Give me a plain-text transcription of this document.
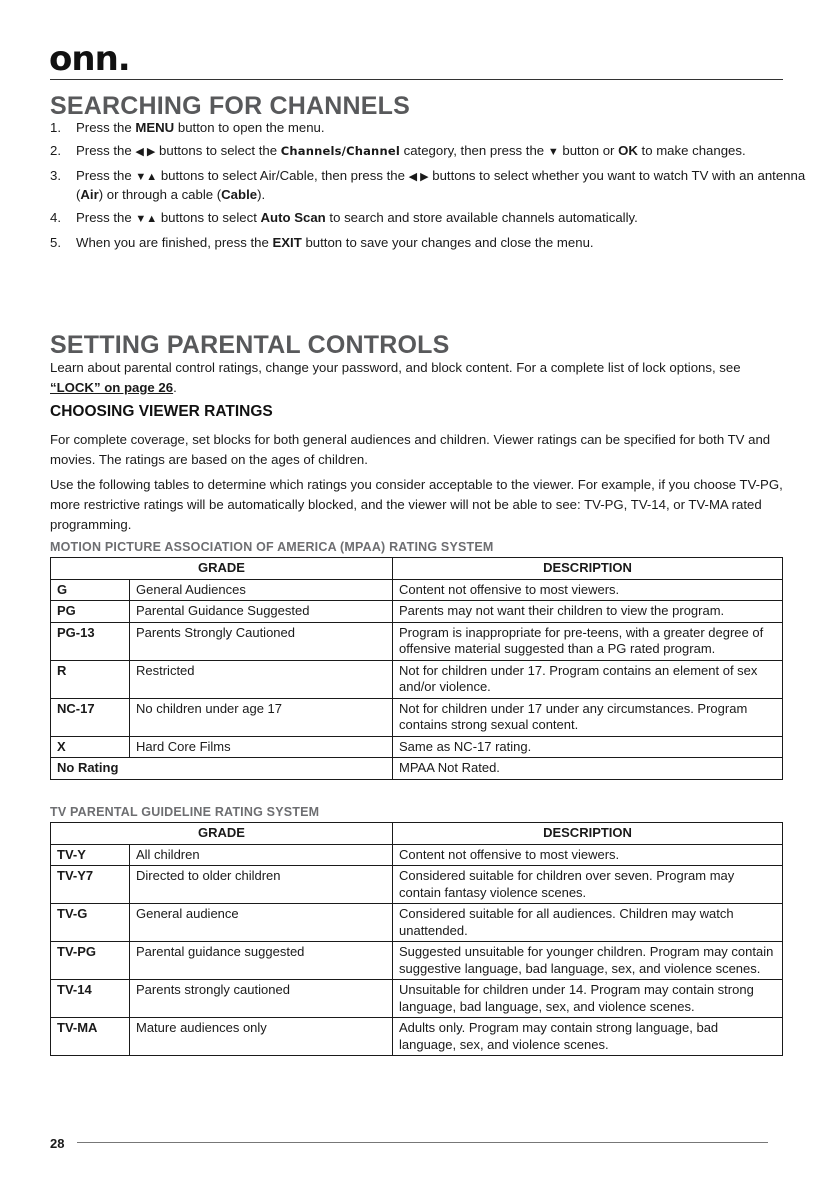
onn.
SEARCHING FOR CHANNELS
1.	Press the MENU button to open the menu.
2.	Press the ◀ ▶ buttons to select the Channels/Channel category, then press the ▼ button or OK to make changes.
3.	Press the ▼▲ buttons to select Air/Cable, then press the ◀ ▶ buttons to select whether you want to watch TV with an antenna (Air) or through a cable (Cable).
4.	Press the ▼▲ buttons to select Auto Scan to search and store available channels automatically.
5.	When you are finished, press the EXIT button to save your changes and close the menu.
SETTING PARENTAL CONTROLS

Learn about parental control ratings, change your password, and block content. For a complete list of lock options, see “LOCK” on page 26.

CHOOSING VIEWER RATINGS

For complete coverage, set blocks for both general audiences and children. Viewer ratings can be specified for both TV and movies. The ratings are based on the ages of children.

Use the following tables to determine which ratings you consider acceptable to the viewer. For example, if you choose TV-PG, more restrictive ratings will be automatically blocked, and the viewer will not be able to see: TV-PG, TV-14, or TV-MA rated programming.

MOTION PICTURE ASSOCIATION OF AMERICA (MPAA) RATING SYSTEM

GRADE		DESCRIPTION
G	General Audiences	Content not offensive to most viewers.
PG	Parental Guidance Suggested	Parents may not want their children to view the program.
PG-13	Parents Strongly Cautioned	Program is inappropriate for pre-teens, with a greater degree of offensive material suggested than a PG rated program.
R	Restricted	Not for children under 17. Program contains an element of sex and/or violence.
NC-17	No children under age 17	Not for children under 17 under any circumstances. Program contains strong sexual content.
X	Hard Core Films	Same as NC-17 rating.
No Rating		MPAA Not Rated.

TV PARENTAL GUIDELINE RATING SYSTEM

GRADE		DESCRIPTION
TV-Y	All children	Content not offensive to most viewers.
TV-Y7	Directed to older children	Considered suitable for children over seven. Program may contain fantasy violence scenes.
TV-G	General audience	Considered suitable for all audiences. Children may watch unattended.
TV-PG	Parental guidance suggested	Suggested unsuitable for younger children. Program may contain suggestive language, bad language, sex, and violence scenes.
TV-14	Parents strongly cautioned	Unsuitable for children under 14. Program may contain strong language, bad language, sex, and violence scenes.
TV-MA	Mature audiences only	Adults only. Program may contain strong language, bad language, sex, and violence scenes.
28
